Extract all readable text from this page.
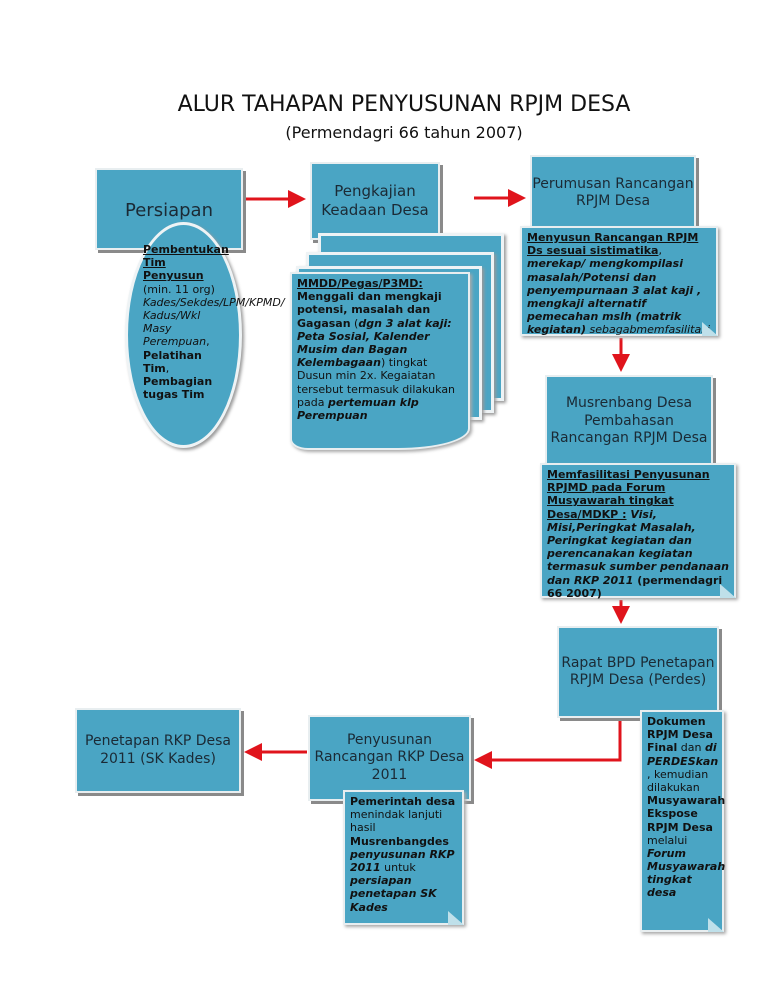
ALUR TAHAPAN PENYUSUNAN RPJM DESA
(Permendagri 66 tahun 2007)
Persiapan
Pembentukan Tim Penyusun (min. 11 org) Kades/Sekdes/LPM/KPMD/ Kadus/Wkl Masy Perempuan, Pelatihan Tim, Pembagian tugas Tim
Pengkajian Keadaan Desa
MMDD/Pegas/P3MD: Menggali dan mengkaji potensi, masalah dan Gagasan (dgn 3 alat kaji: Peta Sosial, Kalender Musim dan Bagan Kelembagaan) tingkat Dusun min 2x. Kegaiatan tersebut termasuk dilakukan pada pertemuan klp Perempuan
Perumusan Rancangan RPJM Desa
Menyusun Rancangan RPJM Ds sesuai sistimatika, merekap/ mengkompilasi masalah/Potensi dan penyempurnaan 3 alat kaji , mengkaji alternatif pemecahan mslh (matrik kegiatan) sebagabmemfasilitasi
Musrenbang Desa Pembahasan Rancangan RPJM Desa
Memfasilitasi Penyusunan RPJMD pada Forum Musyawarah tingkat Desa/MDKP : Visi, Misi,Peringkat Masalah, Peringkat kegiatan dan perencanakan kegiatan termasuk sumber pendanaan dan RKP 2011 (permendagri 66 2007)
Rapat BPD Penetapan RPJM Desa (Perdes)
Dokumen RPJM Desa Final dan di PERDESkan , kemudian dilakukan Musyawarah Ekspose RPJM Desa melalui Forum Musyawarah tingkat desa
Penyusunan Rancangan RKP Desa 2011
Pemerintah desa menindak lanjuti hasil Musrenbangdes penyusunan RKP 2011 untuk persiapan penetapan SK Kades
Penetapan RKP Desa 2011 (SK Kades)
